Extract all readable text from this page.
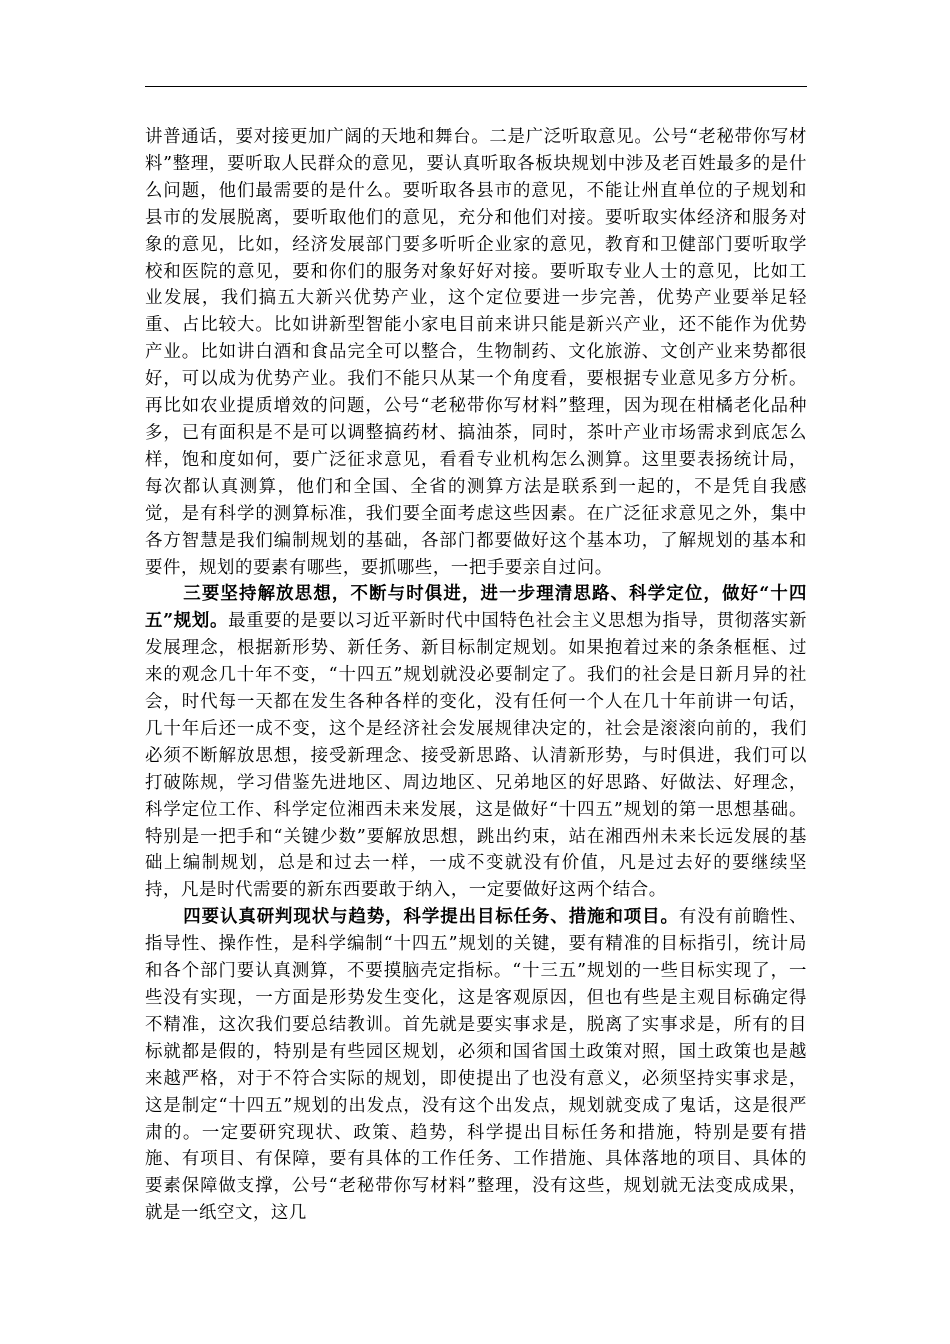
讲普通话，要对接更加广阔的天地和舞台。二是广泛听取意见。公号“老秘带你写材料”整理，要听取人民群众的意见，要认真听取各板块规划中涉及老百姓最多的是什么问题，他们最需要的是什么。要听取各县市的意见，不能让州直单位的子规划和县市的发展脱离，要听取他们的意见，充分和他们对接。要听取实体经济和服务对象的意见，比如，经济发展部门要多听听企业家的意见，教育和卫健部门要听取学校和医院的意见，要和你们的服务对象好好对接。要听取专业人士的意见，比如工业发展，我们搞五大新兴优势产业，这个定位要进一步完善，优势产业要举足轻重、占比较大。比如讲新型智能小家电目前来讲只能是新兴产业，还不能作为优势产业。比如讲白酒和食品完全可以整合，生物制药、文化旅游、文创产业来势都很好，可以成为优势产业。我们不能只从某一个角度看，要根据专业意见多方分析。再比如农业提质增效的问题，公号“老秘带你写材料”整理，因为现在柑橘老化品种多，已有面积是不是可以调整搞药材、搞油茶，同时，茶叶产业市场需求到底怎么样，饱和度如何，要广泛征求意见，看看专业机构怎么测算。这里要表扬统计局，每次都认真测算，他们和全国、全省的测算方法是联系到一起的，不是凭自我感觉，是有科学的测算标准，我们要全面考虑这些因素。在广泛征求意见之外，集中各方智慧是我们编制规划的基础，各部门都要做好这个基本功，了解规划的基本和要件，规划的要素有哪些，要抓哪些，一把手要亲自过问。

三要坚持解放思想，不断与时俱进，进一步理清思路、科学定位，做好“十四五”规划。最重要的是要以习近平新时代中国特色社会主义思想为指导，贯彻落实新发展理念，根据新形势、新任务、新目标制定规划。如果抱着过来的条条框框、过来的观念几十年不变，“十四五”规划就没必要制定了。我们的社会是日新月异的社会，时代每一天都在发生各种各样的变化，没有任何一个人在几十年前讲一句话，几十年后还一成不变，这个是经济社会发展规律决定的，社会是滚滚向前的，我们必须不断解放思想，接受新理念、接受新思路、认清新形势，与时俱进，我们可以打破陈规，学习借鉴先进地区、周边地区、兄弟地区的好思路、好做法、好理念，科学定位工作、科学定位湘西未来发展，这是做好“十四五”规划的第一思想基础。特别是一把手和“关键少数”要解放思想，跳出约束，站在湘西州未来长远发展的基础上编制规划，总是和过去一样，一成不变就没有价值，凡是过去好的要继续坚持，凡是时代需要的新东西要敢于纳入，一定要做好这两个结合。

四要认真研判现状与趋势，科学提出目标任务、措施和项目。有没有前瞻性、指导性、操作性，是科学编制“十四五”规划的关键，要有精准的目标指引，统计局和各个部门要认真测算，不要摸脑壳定指标。“十三五”规划的一些目标实现了，一些没有实现，一方面是形势发生变化，这是客观原因，但也有些是主观目标确定得不精准，这次我们要总结教训。首先就是要实事求是，脱离了实事求是，所有的目标就都是假的，特别是有些园区规划，必须和国省国土政策对照，国土政策也是越来越严格，对于不符合实际的规划，即使提出了也没有意义，必须坚持实事求是，这是制定“十四五”规划的出发点，没有这个出发点，规划就变成了鬼话，这是很严肃的。一定要研究现状、政策、趋势，科学提出目标任务和措施，特别是要有措施、有项目、有保障，要有具体的工作任务、工作措施、具体落地的项目、具体的要素保障做支撑，公号“老秘带你写材料”整理，没有这些，规划就无法变成成果，就是一纸空文，这几
